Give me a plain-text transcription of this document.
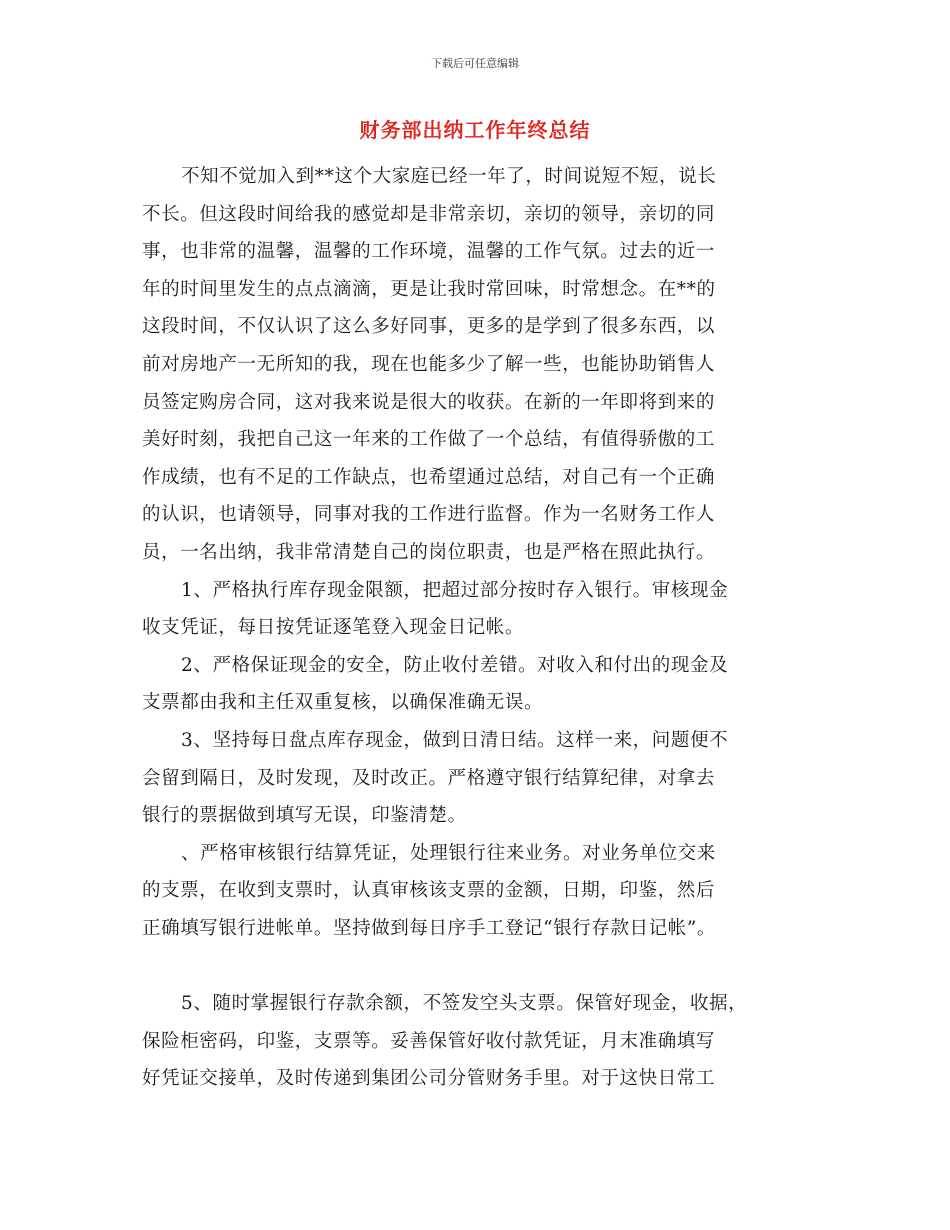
下载后可任意编辑
财务部出纳工作年终总结
不知不觉加入到**这个大家庭已经一年了，时间说短不短，说长
不长。但这段时间给我的感觉却是非常亲切，亲切的领导，亲切的同
事，也非常的温馨，温馨的工作环境，温馨的工作气氛。过去的近一
年的时间里发生的点点滴滴，更是让我时常回味，时常想念。在**的
这段时间，不仅认识了这么多好同事，更多的是学到了很多东西，以
前对房地产一无所知的我，现在也能多少了解一些，也能协助销售人
员签定购房合同，这对我来说是很大的收获。在新的一年即将到来的
美好时刻，我把自己这一年来的工作做了一个总结，有值得骄傲的工
作成绩，也有不足的工作缺点，也希望通过总结，对自己有一个正确
的认识，也请领导，同事对我的工作进行监督。作为一名财务工作人
员，一名出纳，我非常清楚自己的岗位职责，也是严格在照此执行。
1、严格执行库存现金限额，把超过部分按时存入银行。审核现金
收支凭证，每日按凭证逐笔登入现金日记帐。
2、严格保证现金的安全，防止收付差错。对收入和付出的现金及
支票都由我和主任双重复核，以确保准确无误。
3、坚持每日盘点库存现金，做到日清日结。这样一来，问题便不
会留到隔日，及时发现，及时改正。严格遵守银行结算纪律，对拿去
银行的票据做到填写无误，印鉴清楚。
、严格审核银行结算凭证，处理银行往来业务。对业务单位交来
的支票，在收到支票时，认真审核该支票的金额，日期，印鉴，然后
正确填写银行进帐单。坚持做到每日序手工登记“银行存款日记帐”。
5、随时掌握银行存款余额，不签发空头支票。保管好现金，收据，
保险柜密码，印鉴，支票等。妥善保管好收付款凭证，月末准确填写
好凭证交接单，及时传递到集团公司分管财务手里。对于这快日常工
